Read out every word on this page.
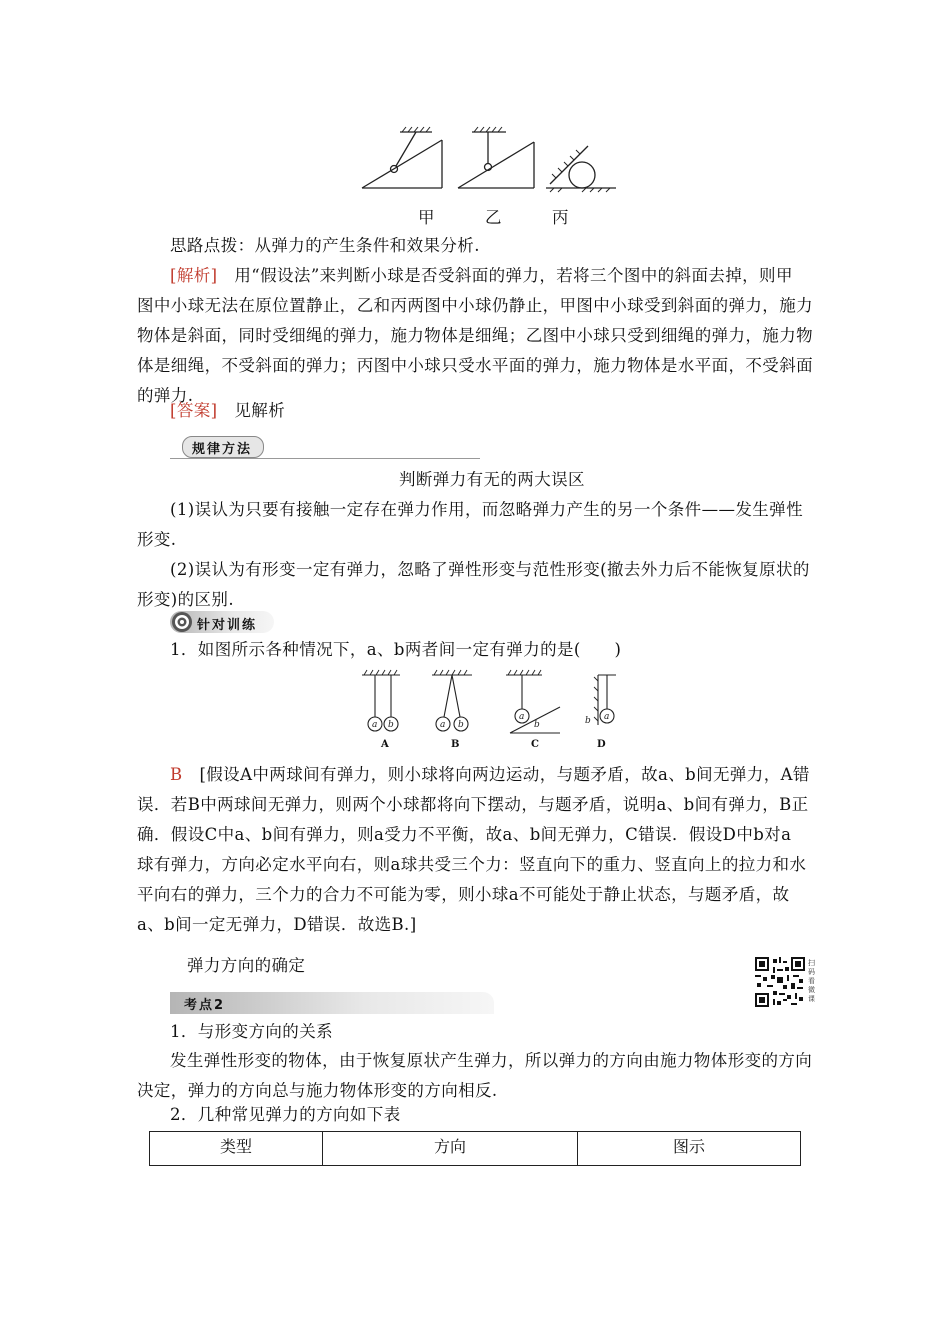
甲	乙	丙
思路点拨：从弹力的产生条件和效果分析.
[解析]　 用“假设法”来判断小球是否受斜面的弹力，若将三个图中的斜面去掉，则甲
图中小球无法在原位置静止，乙和丙两图中小球仍静止，甲图中小球受到斜面的弹力，施力
物体是斜面，同时受细绳的弹力，施力物体是细绳；乙图中小球只受到细绳的弹力，施力物
体是细绳，不受斜面的弹力；丙图中小球只受水平面的弹力，施力物体是水平面，不受斜面
的弹力.
[答案]　 见解析
规律方法
判断弹力有无的两大误区
(1)误认为只要有接触一定存在弹力作用，而忽略弹力产生的另一个条件——发生弹性
形变.
(2)误认为有形变一定有弹力，忽略了弹性形变与范性形变(撤去外力后不能恢复原状的
形变)的区别.
针对训练
1．如图所示各种情况下，a、b两者间一定有弹力的是(　　)
a b	a b
a
b	b a
A	B	C	D
B　 [假设A中两球间有弹力，则小球将向两边运动，与题矛盾，故a、b间无弹力，A错
误．若B中两球间无弹力，则两个小球都将向下摆动，与题矛盾，说明a、b间有弹力，B正
确．假设C中a、b间有弹力，则a受力不平衡，故a、b间无弹力，C错误．假设D中b对a
球有弹力，方向必定水平向右，则a球共受三个力：竖直向下的重力、竖直向上的拉力和水
平向右的弹力，三个力的合力不可能为零，则小球a不可能处于静止状态，与题矛盾，故
a、b间一定无弹力，D错误．故选B.]
弹力方向的确定	扫码看微课
考点2
1．与形变方向的关系
发生弹性形变的物体，由于恢复原状产生弹力，所以弹力的方向由施力物体形变的方向
决定，弹力的方向总与施力物体形变的方向相反.
2．几种常见弹力的方向如下表
类型	方向	图示
